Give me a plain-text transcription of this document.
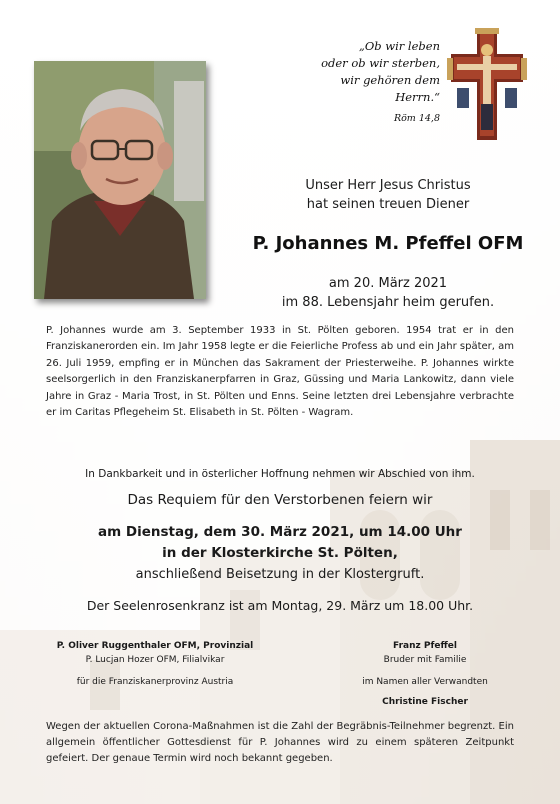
„Ob wir leben
oder ob wir sterben,
wir gehören dem
Herrn.“
Röm 14,8
Unser Herr Jesus Christus
hat seinen treuen Diener
P. Johannes M. Pfeffel OFM
am 20. März 2021
im 88. Lebensjahr heim gerufen.
P. Johannes wurde am 3. September 1933 in St. Pölten geboren. 1954 trat er in den Franziskanerorden ein. Im Jahr 1958 legte er die Feierliche Profess ab und ein Jahr später, am 26. Juli 1959, empfing er in München das Sakrament der Priesterweihe. P. Johannes wirkte seelsorgerlich in den Franziskanerpfarren in Graz, Güssing und Maria Lankowitz, dann viele Jahre in Graz - Maria Trost, in St. Pölten und Enns. Seine letzten drei Lebensjahre verbrachte er im Caritas Pflegeheim St. Elisabeth in St. Pölten - Wagram.
In Dankbarkeit und in österlicher Hoffnung nehmen wir Abschied von ihm.
Das Requiem für den Verstorbenen feiern wir
am Dienstag, dem 30. März 2021, um 14.00 Uhr
in der Klosterkirche St. Pölten,
anschließend Beisetzung in der Klostergruft.
Der Seelenrosenkranz ist am Montag, 29. März um 18.00 Uhr.
P. Oliver Ruggenthaler OFM, Provinzial
P. Lucjan Hozer OFM, Filialvikar
für die Franziskanerprovinz Austria
Franz Pfeffel
Bruder mit Familie
im Namen aller Verwandten
Christine Fischer
Wegen der aktuellen Corona-Maßnahmen ist die Zahl der Begräbnis-Teilnehmer begrenzt. Ein allgemein öffentlicher Gottesdienst für P. Johannes wird zu einem späteren Zeitpunkt gefeiert. Der genaue Termin wird noch bekannt gegeben.
